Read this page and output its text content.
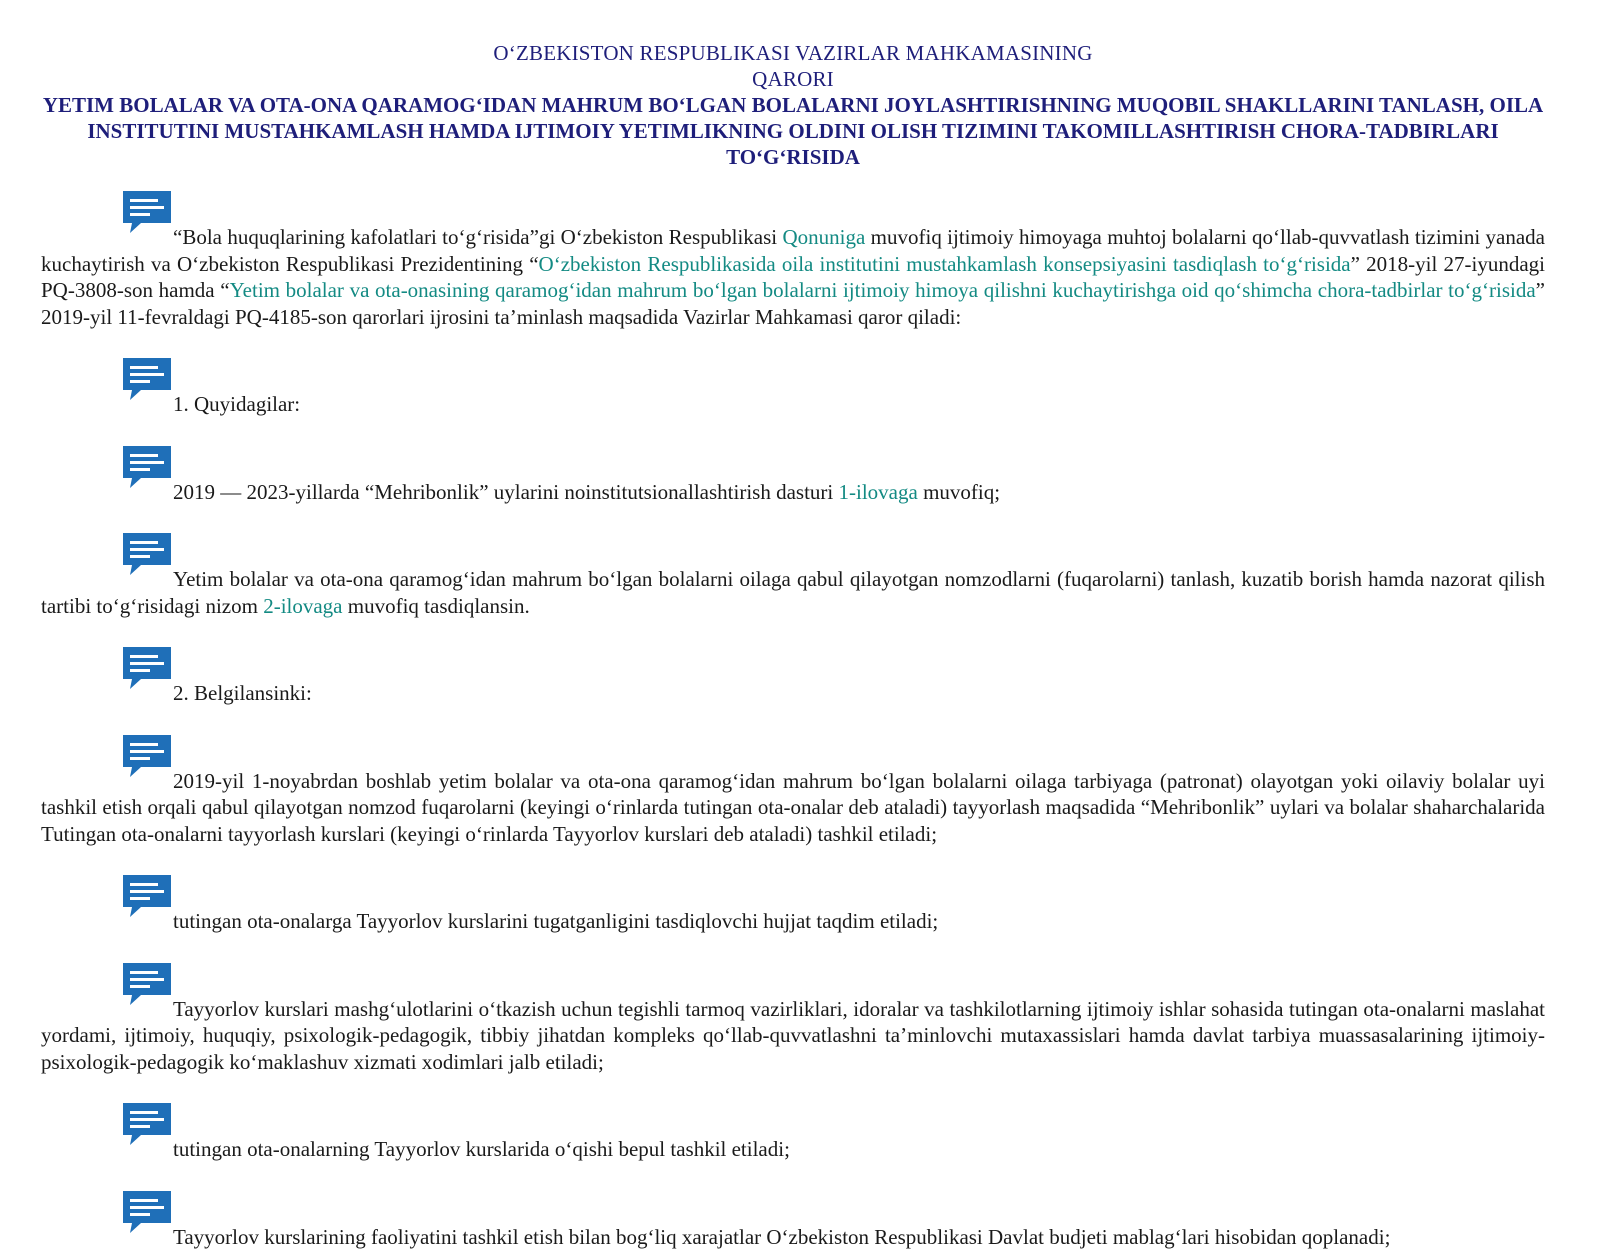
O‘ZBEKISTON RESPUBLIKASI VAZIRLAR MAHKAMASINING
QARORI
YETIM BOLALAR VA OTA-ONA QARAMOG‘IDAN MAHRUM BO‘LGAN BOLALARNI JOYLASHTIRISHNING MUQOBIL SHAKLLARINI TANLASH, OILA INSTITUTINI MUSTAHKAMLASH HAMDA IJTIMOIY YETIMLIKNING OLDINI OLISH TIZIMINI TAKOMILLASHTIRISH CHORA-TADBIRLARI TO‘G‘RISIDA

“Bola huquqlarining kafolatlari to‘g‘risida”gi O‘zbekiston Respublikasi Qonuniga muvofiq ijtimoiy himoyaga muhtoj bolalarni qo‘llab-quvvatlash tizimini yanada kuchaytirish va O‘zbekiston Respublikasi Prezidentining “O‘zbekiston Respublikasida oila institutini mustahkamlash konsepsiyasini tasdiqlash to‘g‘risida” 2018-yil 27-iyundagi PQ-3808-son hamda “Yetim bolalar va ota-onasining qaramog‘idan mahrum bo‘lgan bolalarni ijtimoiy himoya qilishni kuchaytirishga oid qo‘shimcha chora-tadbirlar to‘g‘risida” 2019-yil 11-fevraldagi PQ-4185-son qarorlari ijrosini ta’minlash maqsadida Vazirlar Mahkamasi qaror qiladi:

1. Quyidagilar:

2019 — 2023-yillarda “Mehribonlik” uylarini noinstitutsionallashtirish dasturi 1-ilovaga muvofiq;

Yetim bolalar va ota-ona qaramog‘idan mahrum bo‘lgan bolalarni oilaga qabul qilayotgan nomzodlarni (fuqarolarni) tanlash, kuzatib borish hamda nazorat qilish tartibi to‘g‘risidagi nizom 2-ilovaga muvofiq tasdiqlansin.

2. Belgilansinki:

2019-yil 1-noyabrdan boshlab yetim bolalar va ota-ona qaramog‘idan mahrum bo‘lgan bolalarni oilaga tarbiyaga (patronat) olayotgan yoki oilaviy bolalar uyi tashkil etish orqali qabul qilayotgan nomzod fuqarolarni (keyingi o‘rinlarda tutingan ota-onalar deb ataladi) tayyorlash maqsadida “Mehribonlik” uylari va bolalar shaharchalarida Tutingan ota-onalarni tayyorlash kurslari (keyingi o‘rinlarda Tayyorlov kurslari deb ataladi) tashkil etiladi;

tutingan ota-onalarga Tayyorlov kurslarini tugatganligini tasdiqlovchi hujjat taqdim etiladi;

Tayyorlov kurslari mashg‘ulotlarini o‘tkazish uchun tegishli tarmoq vazirliklari, idoralar va tashkilotlarning ijtimoiy ishlar sohasida tutingan ota-onalarni maslahat yordami, ijtimoiy, huquqiy, psixologik-pedagogik, tibbiy jihatdan kompleks qo‘llab-quvvatlashni ta’minlovchi mutaxassislari hamda davlat tarbiya muassasalarining ijtimoiy-psixologik-pedagogik ko‘maklashuv xizmati xodimlari jalb etiladi;

tutingan ota-onalarning Tayyorlov kurslarida o‘qishi bepul tashkil etiladi;

Tayyorlov kurslarining faoliyatini tashkil etish bilan bog‘liq xarajatlar O‘zbekiston Respublikasi Davlat budjeti mablag‘lari hisobidan qoplanadi;
